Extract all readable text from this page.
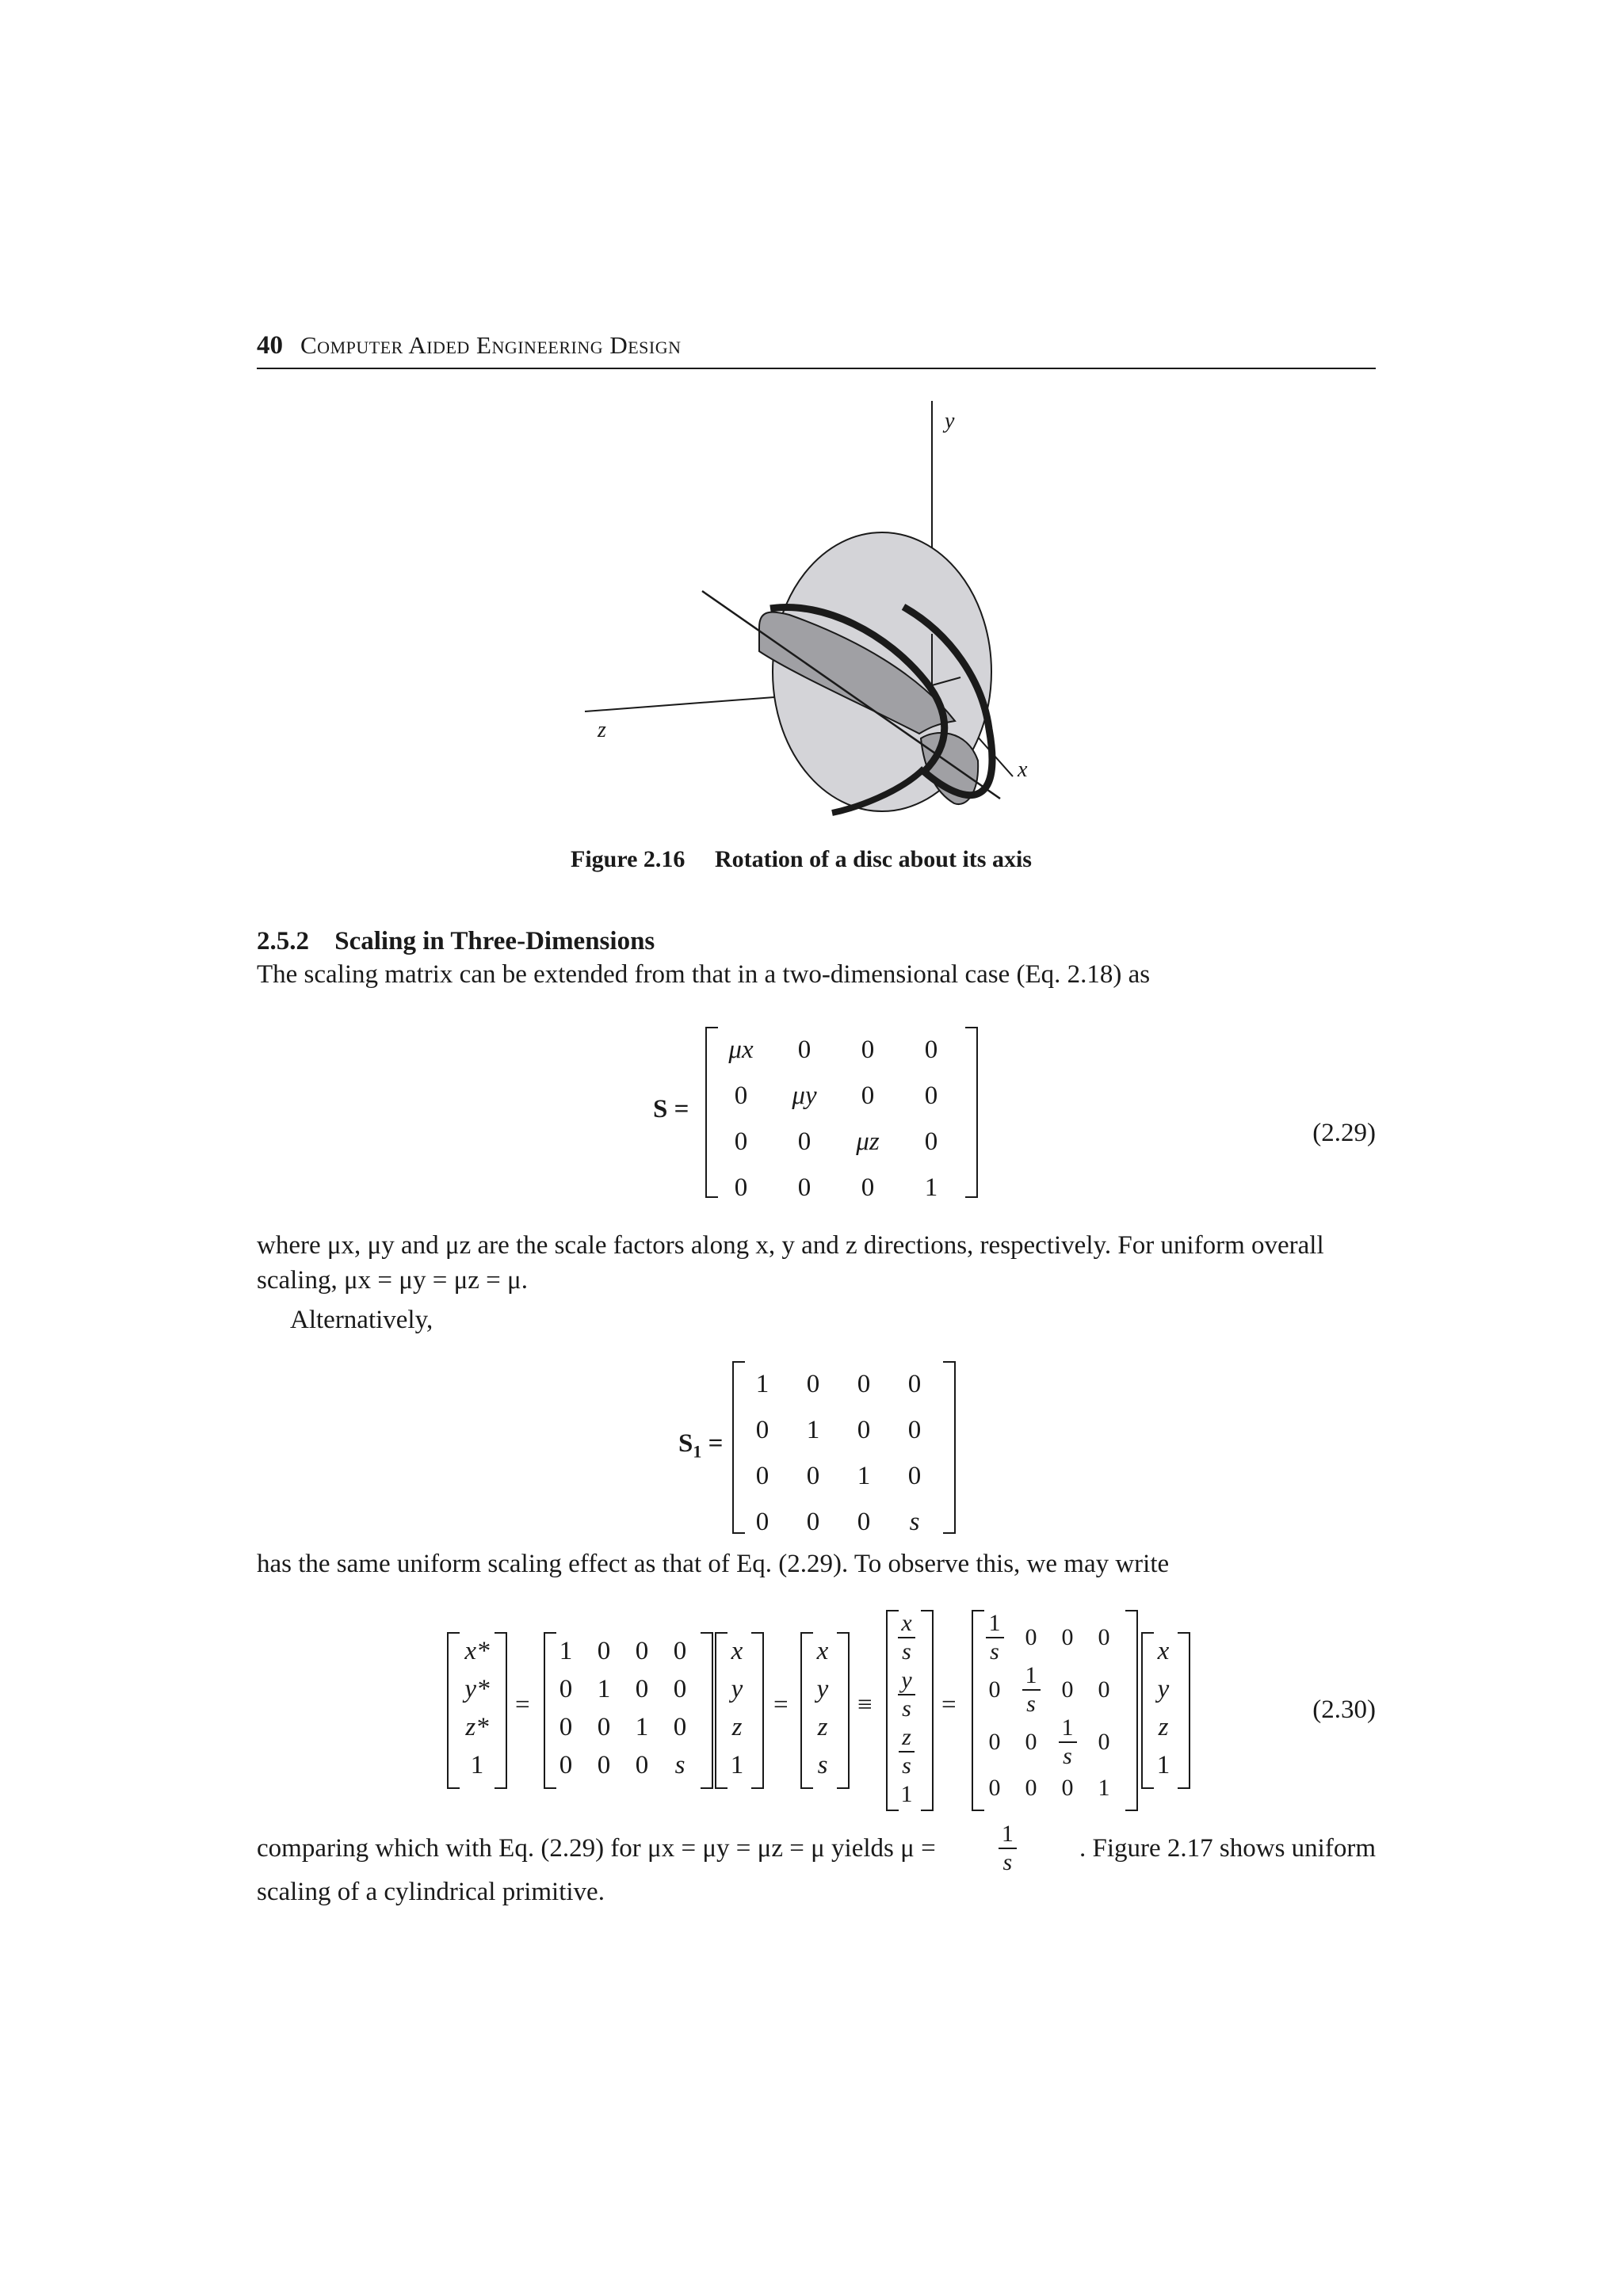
40 Computer Aided Engineering Design
y
z
x
Figure 2.16 Rotation of a disc about its axis
2.5.2 Scaling in Three-Dimensions
The scaling matrix can be extended from that in a two-dimensional case (Eq. 2.18) as
S =
μx	0	0	0
0	μy	0	0
0	0	μz	0
0	0	0	1
(2.29)
where μx, μy and μz are the scale factors along x, y and z directions, respectively. For uniform overall
scaling, μx = μy = μz = μ.
Alternatively,
$S_1$ =
1	0	0	0
0	1	0	0
0	0	1	0
0	0	0	s
has the same uniform scaling effect as that of Eq. (2.29). To observe this, we may write
x*
y*
z*
1
=
1	0	0	0
0	1	0	0
0	0	1	0
0	0	0	s
x
y
z
1
=
x
y
z
s
≡
$\frac{x}{s}$

$\frac{y}{s}$

$\frac{z}{s}$
1
=
$\frac{1}{s}$	0	0	0
0	$\frac{1}{s}$	0	0
0	0	$\frac{1}{s}$	0
0	0	0	1
x
y
z
1
(2.30)
comparing which with Eq. (2.29) for μx = μy = μz = μ yields μ =	$\frac{1}{s}$ . Figure 2.17 shows uniform
scaling of a cylindrical primitive.
